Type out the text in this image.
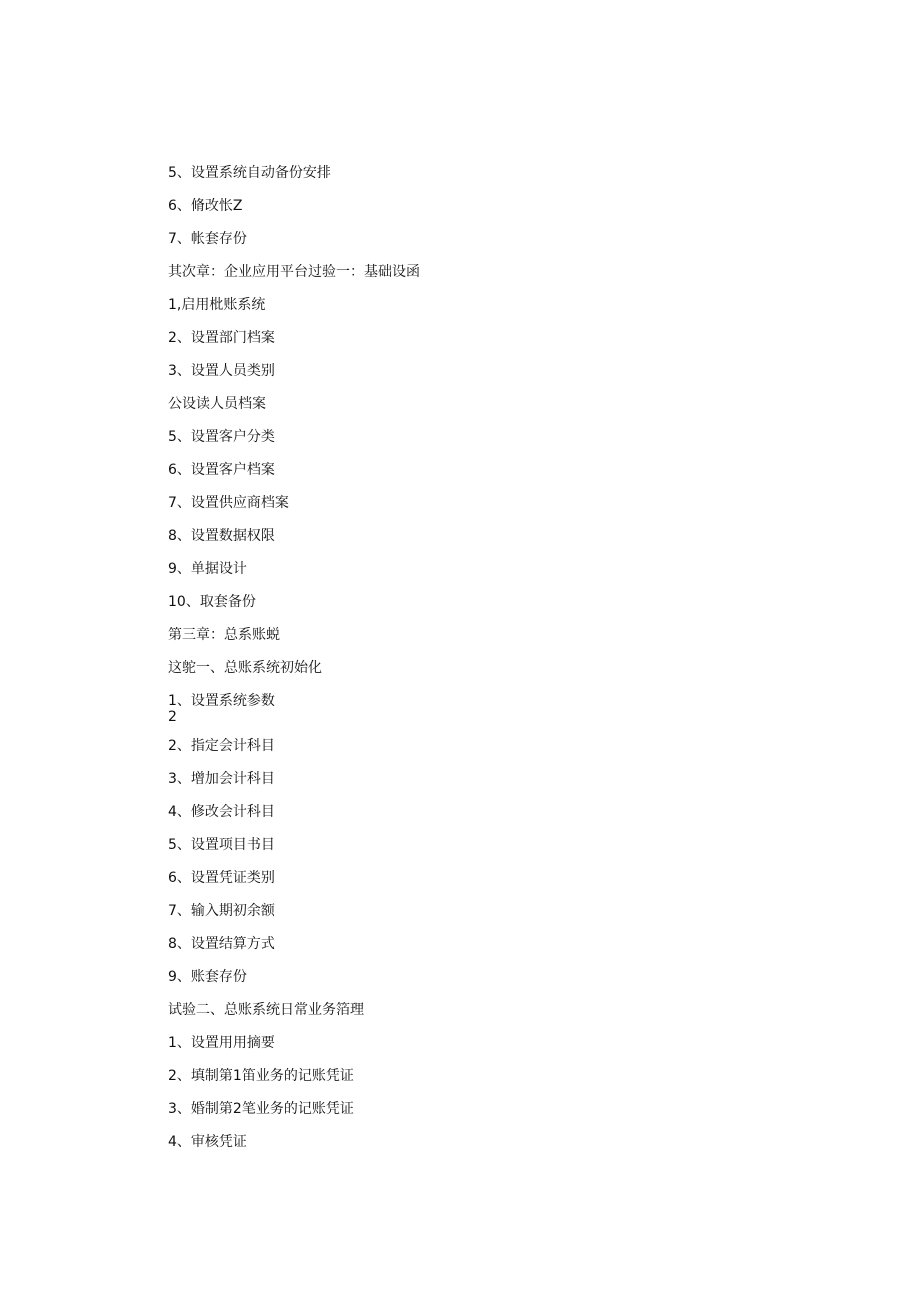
5、设置系统自动备份安排
6、脩改怅Z
7、帐套存份
其次章：企业应用平台过验一：基础设函
1,启用枇账系统
2、设置部门档案
3、设置人员类别
公设读人员档案
5、设置客户分类
6、设置客户档案
7、设置供应商档案
8、设置数据权限
9、单据设计
10、取套备份
第三章：总系账蜕
这鸵一、总账系统初始化
1、设置系统参数
2
2、指定会计科目
3、增加会计科目
4、修改会计科目
5、设置项目书目
6、设置凭证类别
7、输入期初余额
8、设置结算方式
9、账套存份
试验二、总账系统日常业务箔理
1、设置用用摘要
2、填制第1笛业务的记账凭证
3、婚制第2笔业务的记账凭证
4、审核凭证
